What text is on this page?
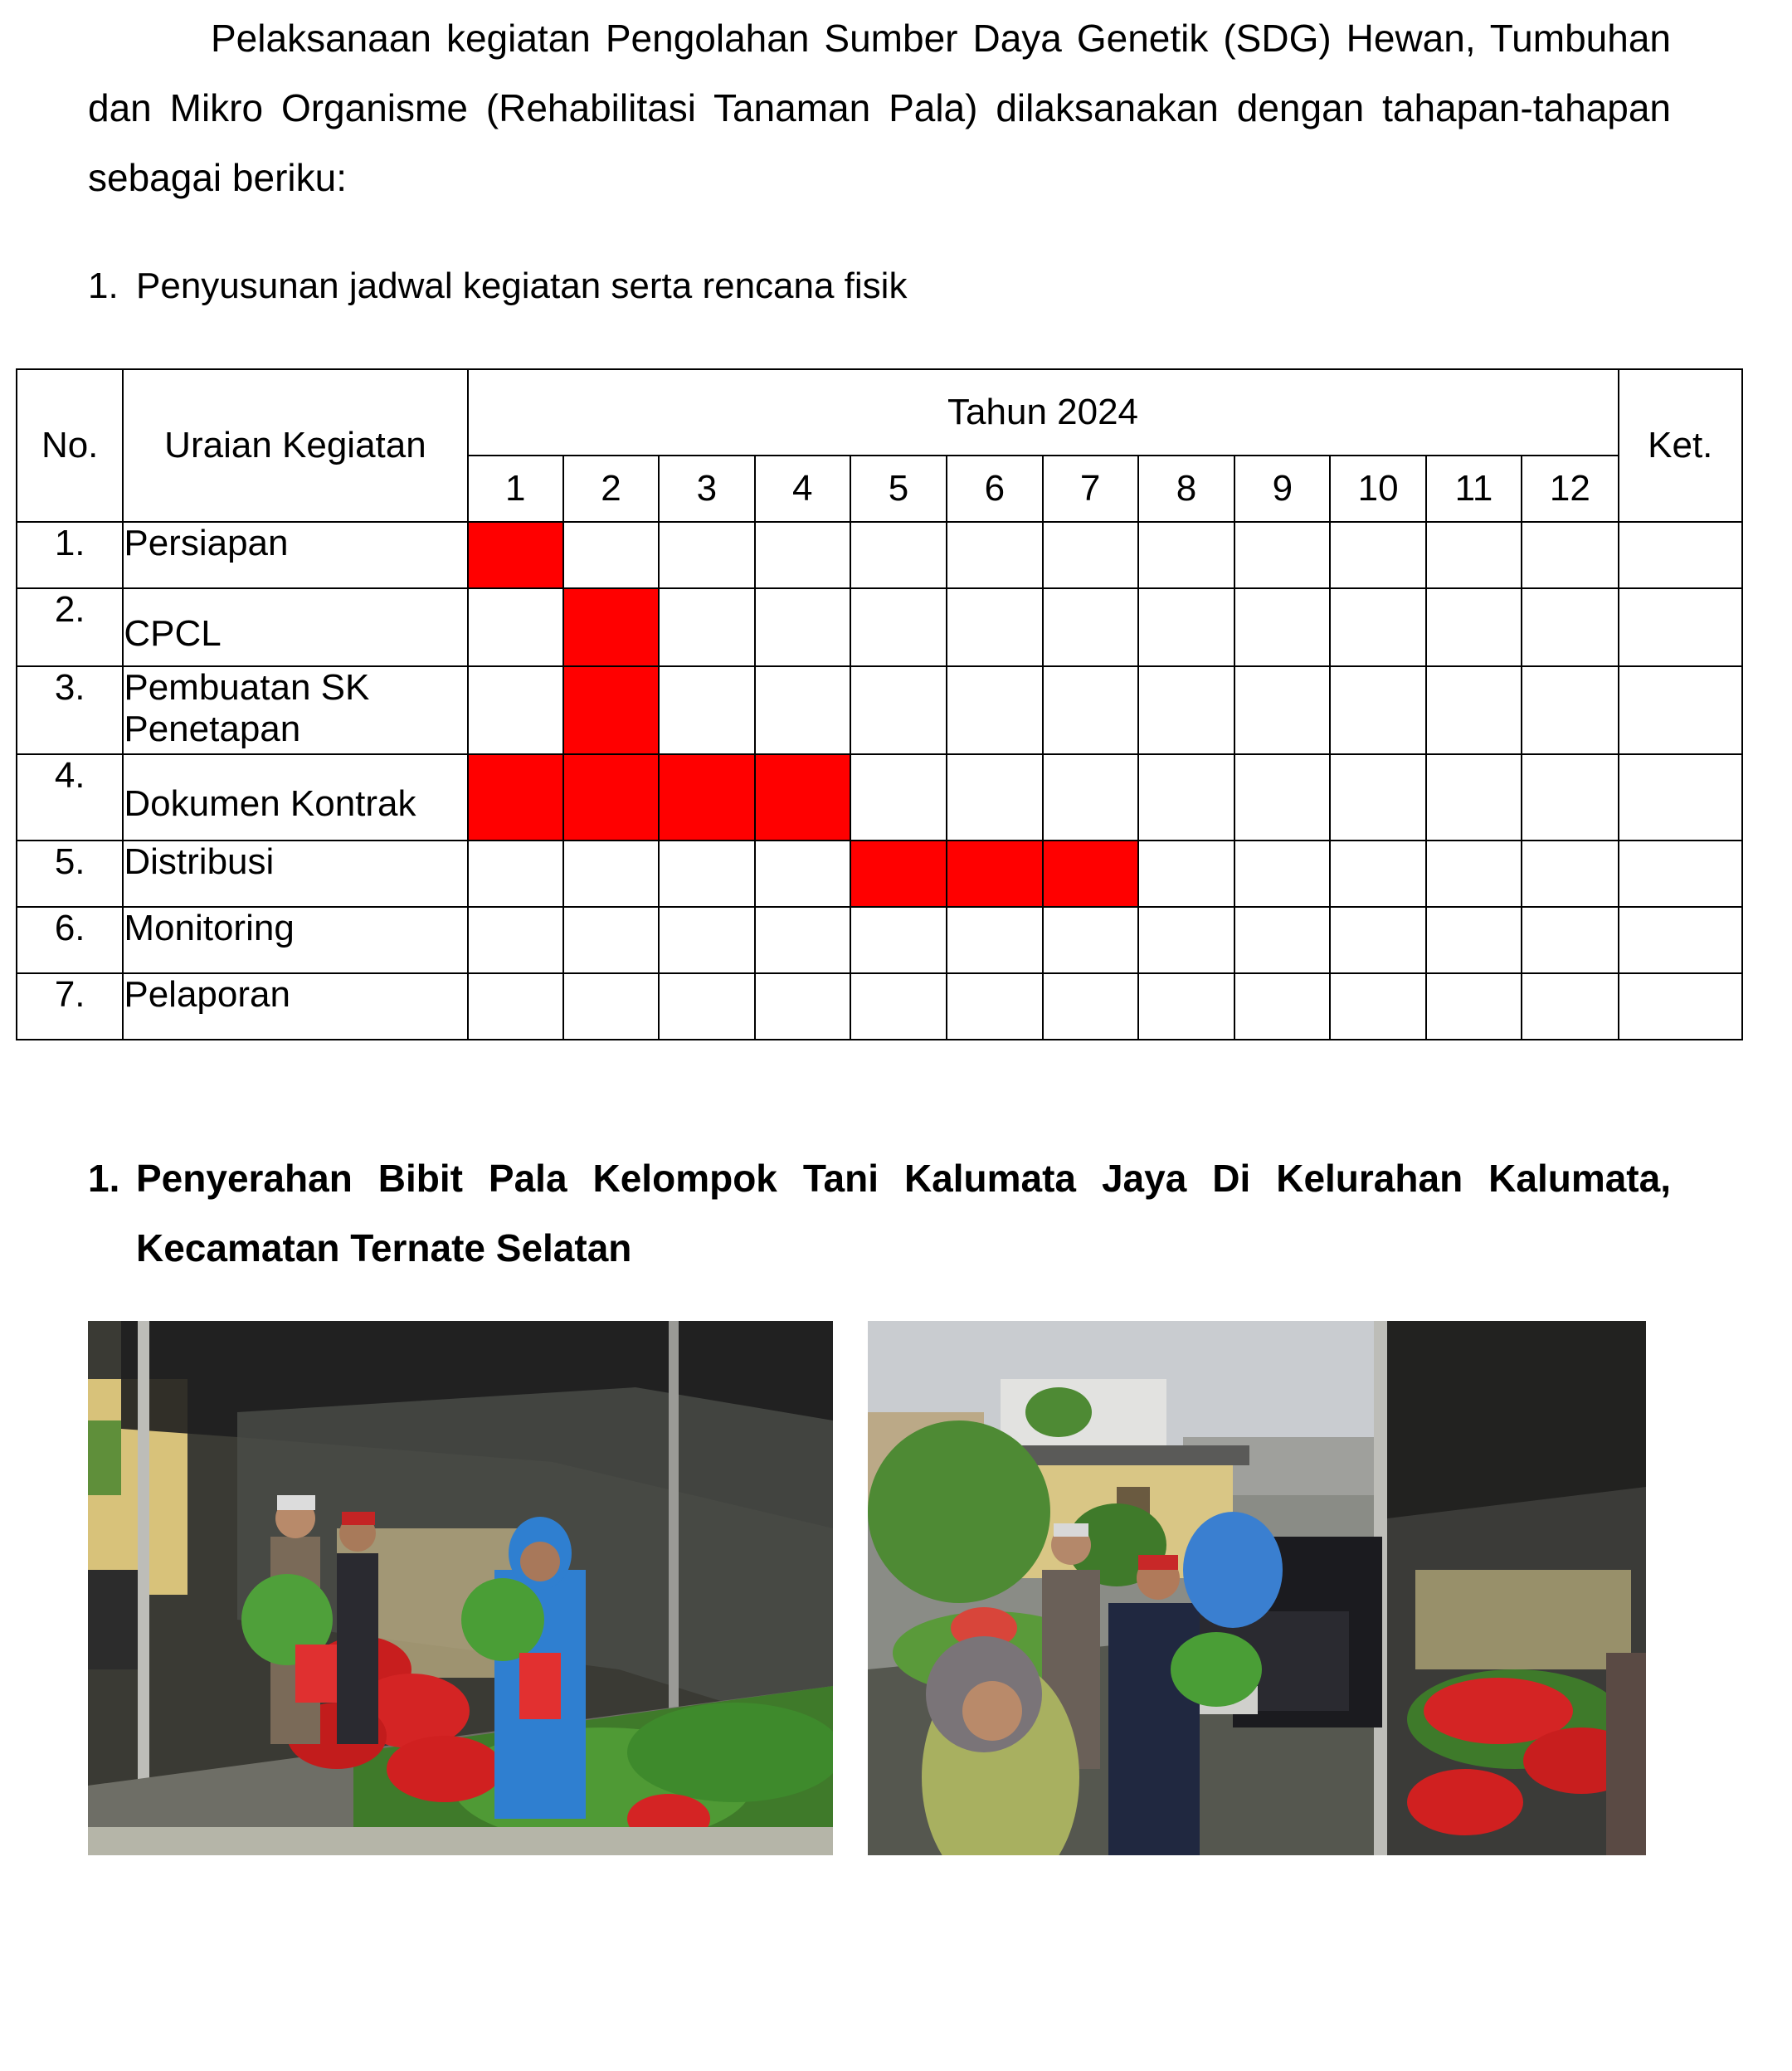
Pelaksanaan kegiatan Pengolahan Sumber Daya Genetik (SDG) Hewan, Tumbuhan dan Mikro Organisme (Rehabilitasi Tanaman Pala) dilaksanakan dengan tahapan-tahapan sebagai beriku:

1. Penyusunan jadwal kegiatan serta rencana fisik

No.	Uraian Kegiatan	Tahun 2024												Ket.
		1	2	3	4	5	6	7	8	9	10	11	12	
1.	Persiapan													
2.	CPCL													
3.	Pembuatan SK
Penetapan													
4.	Dokumen Kontrak													
5.	Distribusi													
6.	Monitoring													
7.	Pelaporan													
1. Penyerahan Bibit Pala Kelompok Tani Kalumata Jaya Di Kelurahan Kalumata, Kecamatan Ternate Selatan
